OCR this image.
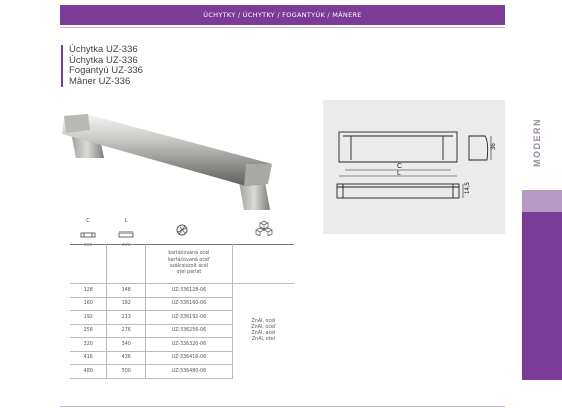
ÚCHYTKY / ÚCHYTKY / FOGANTYÚK / MÂNERE
Úchytka UZ-336
Úchytka UZ-336
Fogantyú UZ-336
Mâner UZ-336
C
L
36
14,5
MODERN
C
mm
L
mm

		kartáčovaná ocel
kartáčovaná oceľ
szálcsiszolt acél
oțel periat	

128	148	UZ-336128-06	ZnAl, ocel
ZnAl, oceľ
ZnAl, acél
ZnAl, oțel

160	182	UZ-336160-06	
192	213	UZ-336192-06	
256	276	UZ-336256-06	
320	340	UZ-336320-06	
416	436	UZ-336416-06	
480	500	UZ-336480-06	
